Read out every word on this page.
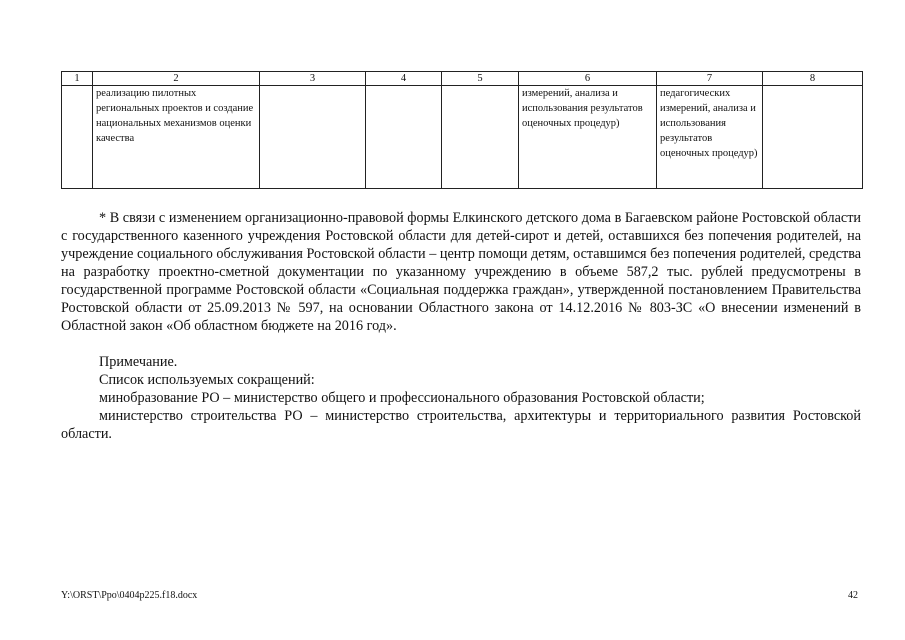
1	2	3	4	5	6	7	8
	реализацию пилотных региональных проектов и создание национальных механизмов оценки качества				измерений, анализа и использования результатов оценочных процедур)	педагогических измерений, анализа и использования результатов оценочных процедур)	

* В связи с изменением организационно-правовой формы Елкинского детского дома в Багаевском районе Ростовской области с государственного казенного учреждения Ростовской области для детей-сирот и детей, оставшихся без попечения родителей, на учреждение социального обслуживания Ростовской области – центр помощи детям, оставшимся без попечения родителей, средства на разработку проектно-сметной документации по указанному учреждению в объеме 587,2 тыс. рублей предусмотрены в государственной программе Ростовской области «Социальная поддержка граждан», утвержденной постановлением Правительства Ростовской области от 25.09.2013 № 597, на основании Областного закона от 14.12.2016 № 803-ЗС «О внесении изменений в Областной закон «Об областном бюджете на 2016 год».

Примечание.

Список используемых сокращений:

минобразование РО – министерство общего и профессионального образования Ростовской области;

министерство строительства РО – министерство строительства, архитектуры и территориального развития Ростовской области.

Y:\ORST\Ppo\0404p225.f18.docx	42
